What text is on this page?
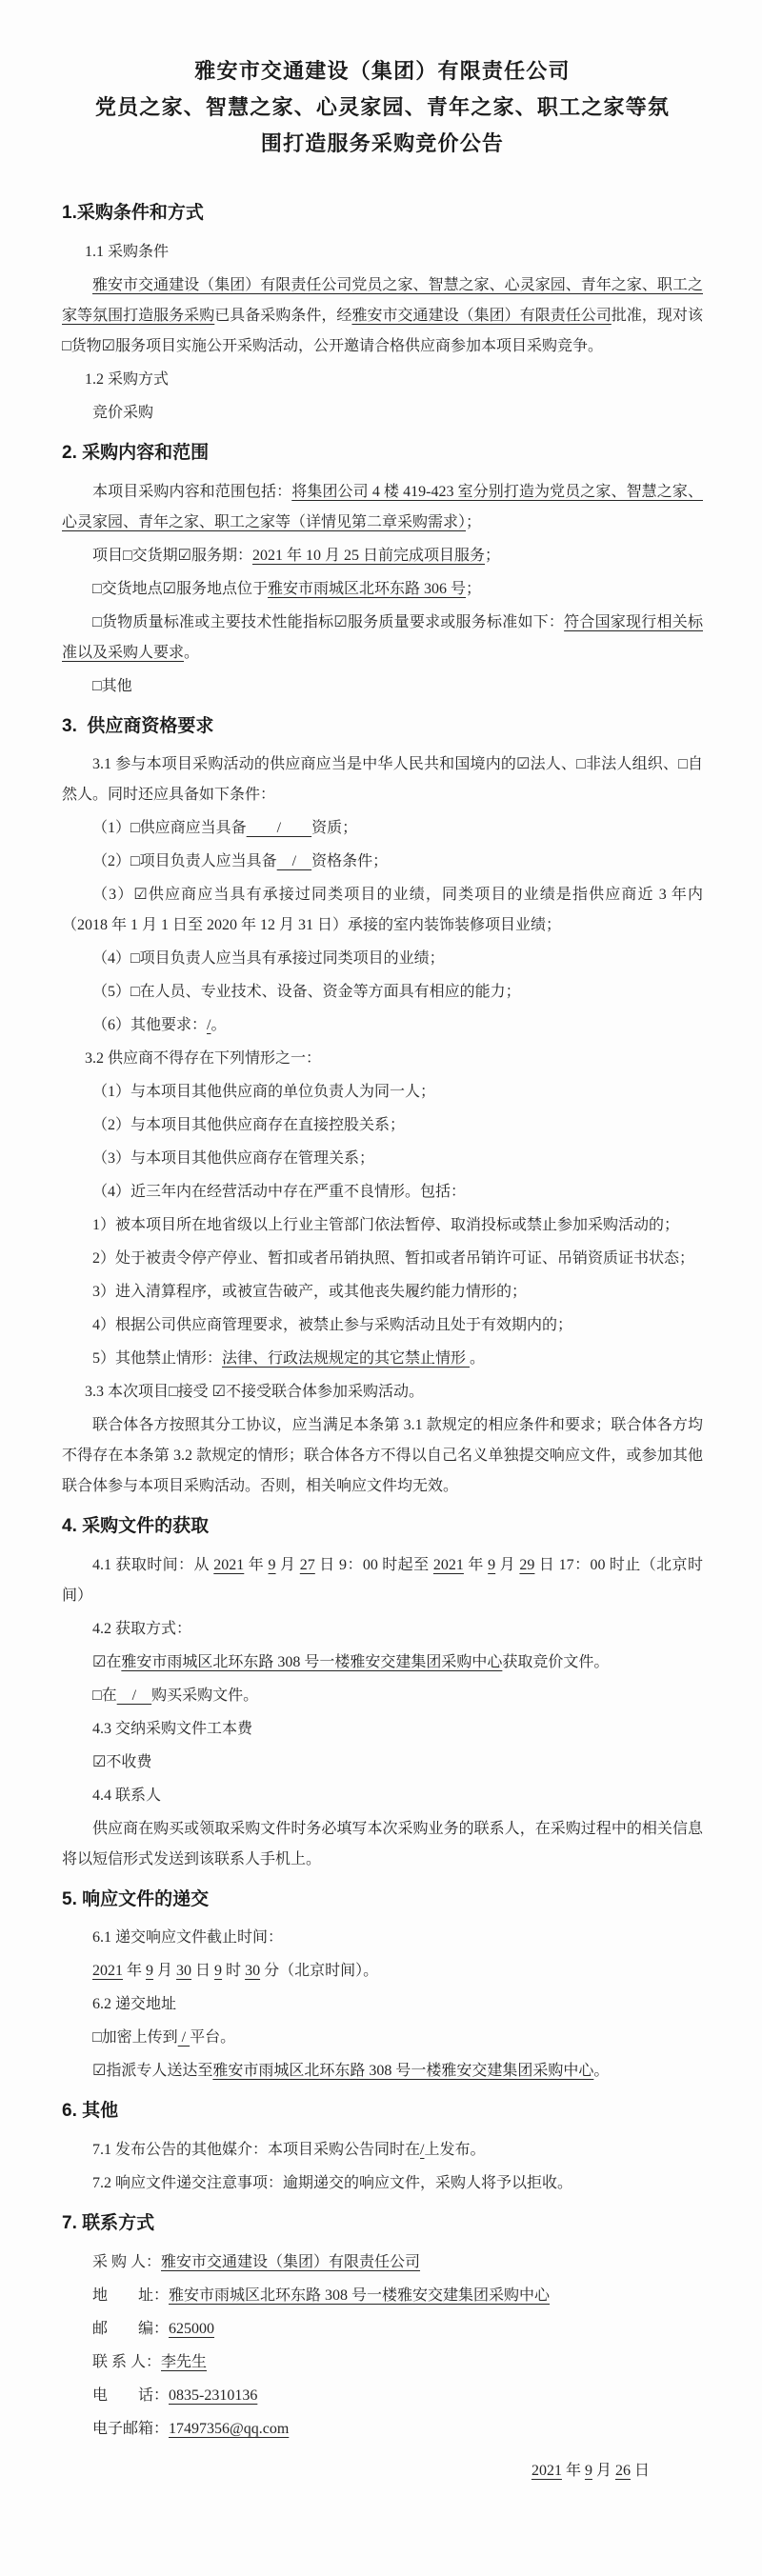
雅安市交通建设（集团）有限责任公司
党员之家、智慧之家、心灵家园、青年之家、职工之家等氛
围打造服务采购竞价公告
1.采购条件和方式

1.1 采购条件

雅安市交通建设（集团）有限责任公司党员之家、智慧之家、心灵家园、青年之家、职工之家等氛围打造服务采购已具备采购条件，经雅安市交通建设（集团）有限责任公司批准，现对该□货物☑服务项目实施公开采购活动，公开邀请合格供应商参加本项目采购竞争。

1.2 采购方式

竞价采购

2. 采购内容和范围

本项目采购内容和范围包括：将集团公司 4 楼 419-423 室分别打造为党员之家、智慧之家、心灵家园、青年之家、职工之家等（详情见第二章采购需求）；

项目□交货期☑服务期：2021 年 10 月 25 日前完成项目服务；

□交货地点☑服务地点位于雅安市雨城区北环东路 306 号；

□货物质量标准或主要技术性能指标☑服务质量要求或服务标准如下：符合国家现行相关标准以及采购人要求。

□其他

3.  供应商资格要求

3.1 参与本项目采购活动的供应商应当是中华人民共和国境内的☑法人、□非法人组织、□自然人。同时还应具备如下条件：

（1）□供应商应当具备　　/　　资质；

（2）□项目负责人应当具备　/　资格条件；

（3）☑供应商应当具有承接过同类项目的业绩，同类项目的业绩是指供应商近 3 年内（2018 年 1 月 1 日至 2020 年 12 月 31 日）承接的室内装饰装修项目业绩；

（4）□项目负责人应当具有承接过同类项目的业绩；

（5）□在人员、专业技术、设备、资金等方面具有相应的能力；

（6）其他要求：/。

3.2 供应商不得存在下列情形之一：

（1）与本项目其他供应商的单位负责人为同一人；

（2）与本项目其他供应商存在直接控股关系；

（3）与本项目其他供应商存在管理关系；

（4）近三年内在经营活动中存在严重不良情形。包括：

1）被本项目所在地省级以上行业主管部门依法暂停、取消投标或禁止参加采购活动的；

2）处于被责令停产停业、暂扣或者吊销执照、暂扣或者吊销许可证、吊销资质证书状态；

3）进入清算程序，或被宣告破产，或其他丧失履约能力情形的；

4）根据公司供应商管理要求，被禁止参与采购活动且处于有效期内的；

5）其他禁止情形：法律、行政法规规定的其它禁止情形 。

3.3 本次项目□接受 ☑不接受联合体参加采购活动。

联合体各方按照其分工协议，应当满足本条第 3.1 款规定的相应条件和要求；联合体各方均不得存在本条第 3.2 款规定的情形；联合体各方不得以自己名义单独提交响应文件，或参加其他联合体参与本项目采购活动。否则，相关响应文件均无效。

4. 采购文件的获取

4.1 获取时间：从 2021 年 9 月 27 日 9：00 时起至 2021 年 9 月 29 日 17：00 时止（北京时间）

4.2 获取方式：

☑在雅安市雨城区北环东路 308 号一楼雅安交建集团采购中心获取竞价文件。

□在　/　购买采购文件。

4.3 交纳采购文件工本费

☑不收费

4.4 联系人

供应商在购买或领取采购文件时务必填写本次采购业务的联系人，在采购过程中的相关信息将以短信形式发送到该联系人手机上。

5. 响应文件的递交

6.1 递交响应文件截止时间：

2021 年 9 月 30 日 9 时 30 分（北京时间）。

6.2 递交地址

□加密上传到 / 平台。

☑指派专人送达至雅安市雨城区北环东路 308 号一楼雅安交建集团采购中心。

6. 其他

7.1 发布公告的其他媒介：本项目采购公告同时在/上发布。

7.2 响应文件递交注意事项：逾期递交的响应文件，采购人将予以拒收。

7. 联系方式

采 购 人：雅安市交通建设（集团）有限责任公司

地　　址：雅安市雨城区北环东路 308 号一楼雅安交建集团采购中心

邮　　编：625000

联 系 人：李先生

电　　话：0835-2310136

电子邮箱：17497356@qq.com

2021 年 9 月 26 日
